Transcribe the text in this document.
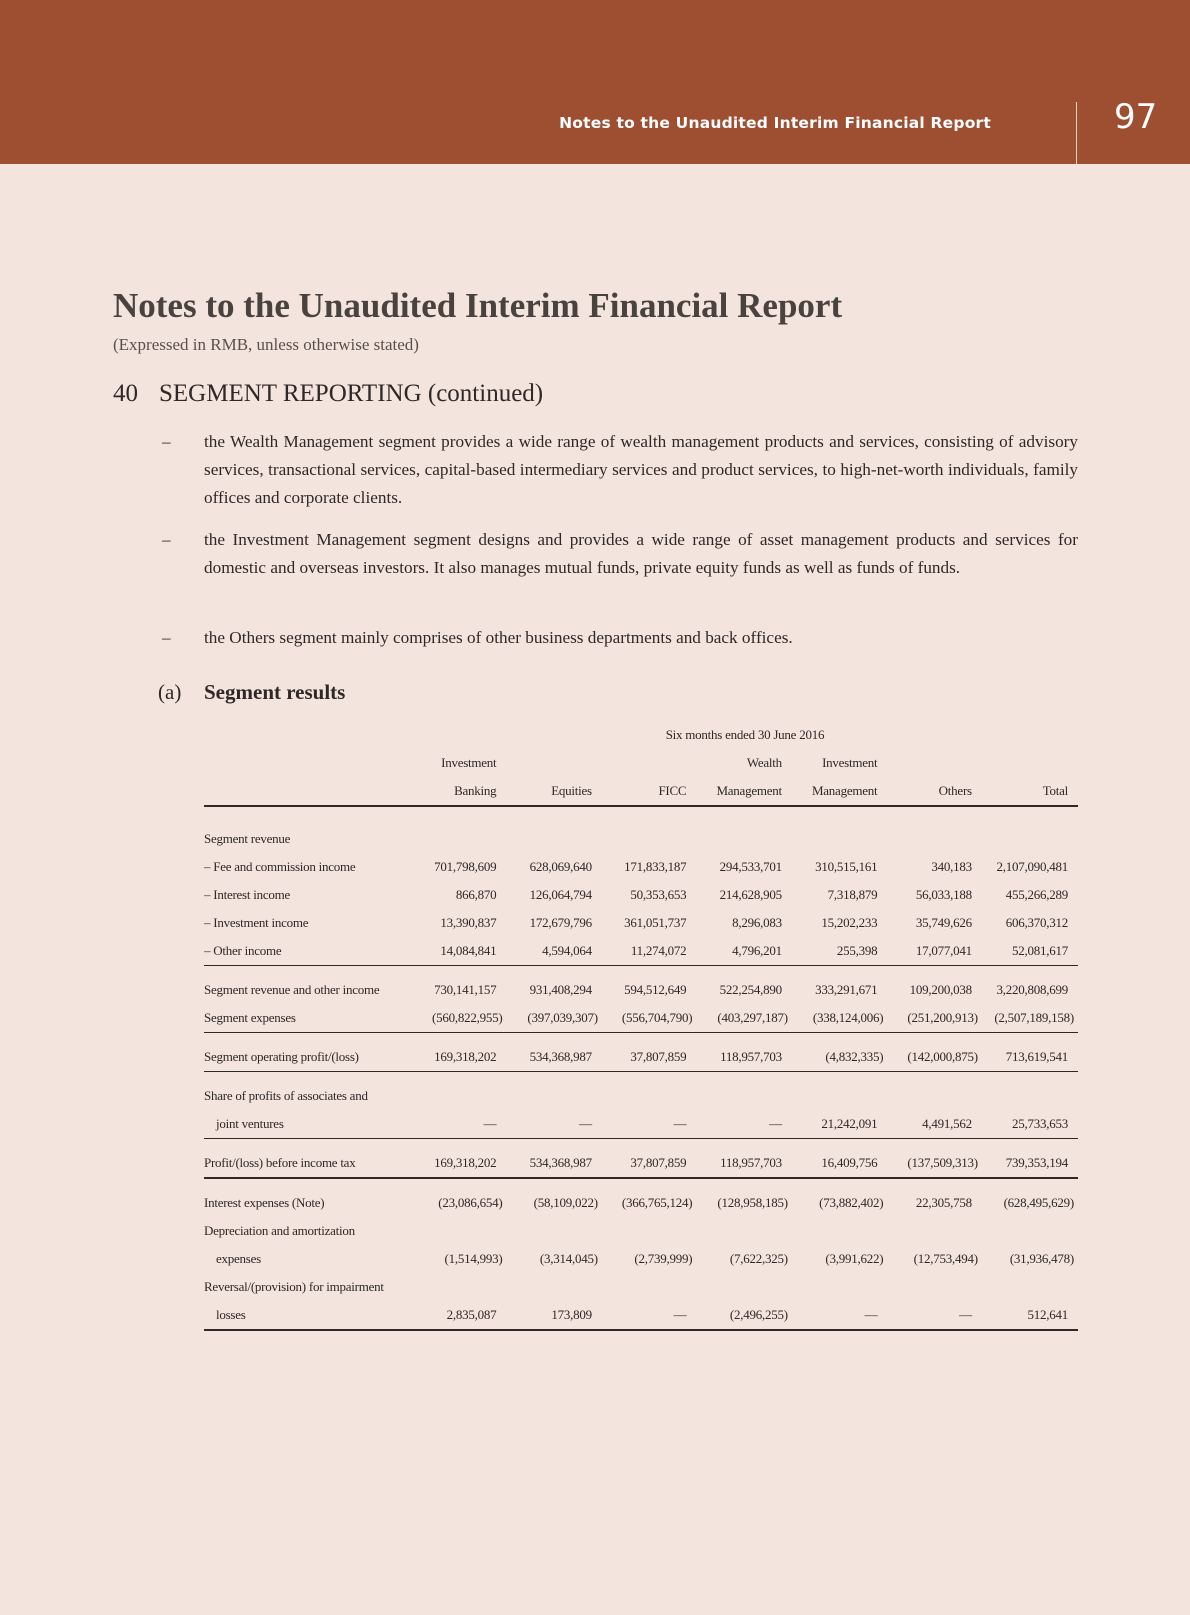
Notes to the Unaudited Interim Financial Report	97
Notes to the Unaudited Interim Financial Report
(Expressed in RMB, unless otherwise stated)
40 SEGMENT REPORTING (continued)
– the Wealth Management segment provides a wide range of wealth management products and services, consisting of advisory services, transactional services, capital-based intermediary services and product services, to high-net-worth individuals, family offices and corporate clients.
– the Investment Management segment designs and provides a wide range of asset management products and services for domestic and overseas investors. It also manages mutual funds, private equity funds as well as funds of funds.
– the Others segment mainly comprises of other business departments and back offices.
(a) Segment results
	Six months ended 30 June 2016						
	Investment			Wealth	Investment		
	Banking	Equities	FICC	Management	Management	Others	Total

Segment revenue							
– Fee and commission income	701,798,609	628,069,640	171,833,187	294,533,701	310,515,161	340,183	2,107,090,481
– Interest income	866,870	126,064,794	50,353,653	214,628,905	7,318,879	56,033,188	455,266,289
– Investment income	13,390,837	172,679,796	361,051,737	8,296,083	15,202,233	35,749,626	606,370,312
– Other income	14,084,841	4,594,064	11,274,072	4,796,201	255,398	17,077,041	52,081,617

Segment revenue and other income	730,141,157	931,408,294	594,512,649	522,254,890	333,291,671	109,200,038	3,220,808,699
Segment expenses	(560,822,955)	(397,039,307)	(556,704,790)	(403,297,187)	(338,124,006)	(251,200,913)	(2,507,189,158)

Segment operating profit/(loss)	169,318,202	534,368,987	37,807,859	118,957,703	(4,832,335)	(142,000,875)	713,619,541

Share of profits of associates and							
joint ventures	—	—	—	—	21,242,091	4,491,562	25,733,653

Profit/(loss) before income tax	169,318,202	534,368,987	37,807,859	118,957,703	16,409,756	(137,509,313)	739,353,194

Interest expenses (Note)	(23,086,654)	(58,109,022)	(366,765,124)	(128,958,185)	(73,882,402)	22,305,758	(628,495,629)
Depreciation and amortization							
expenses	(1,514,993)	(3,314,045)	(2,739,999)	(7,622,325)	(3,991,622)	(12,753,494)	(31,936,478)
Reversal/(provision) for impairment							
losses	2,835,087	173,809	—	(2,496,255)	—	—	512,641
